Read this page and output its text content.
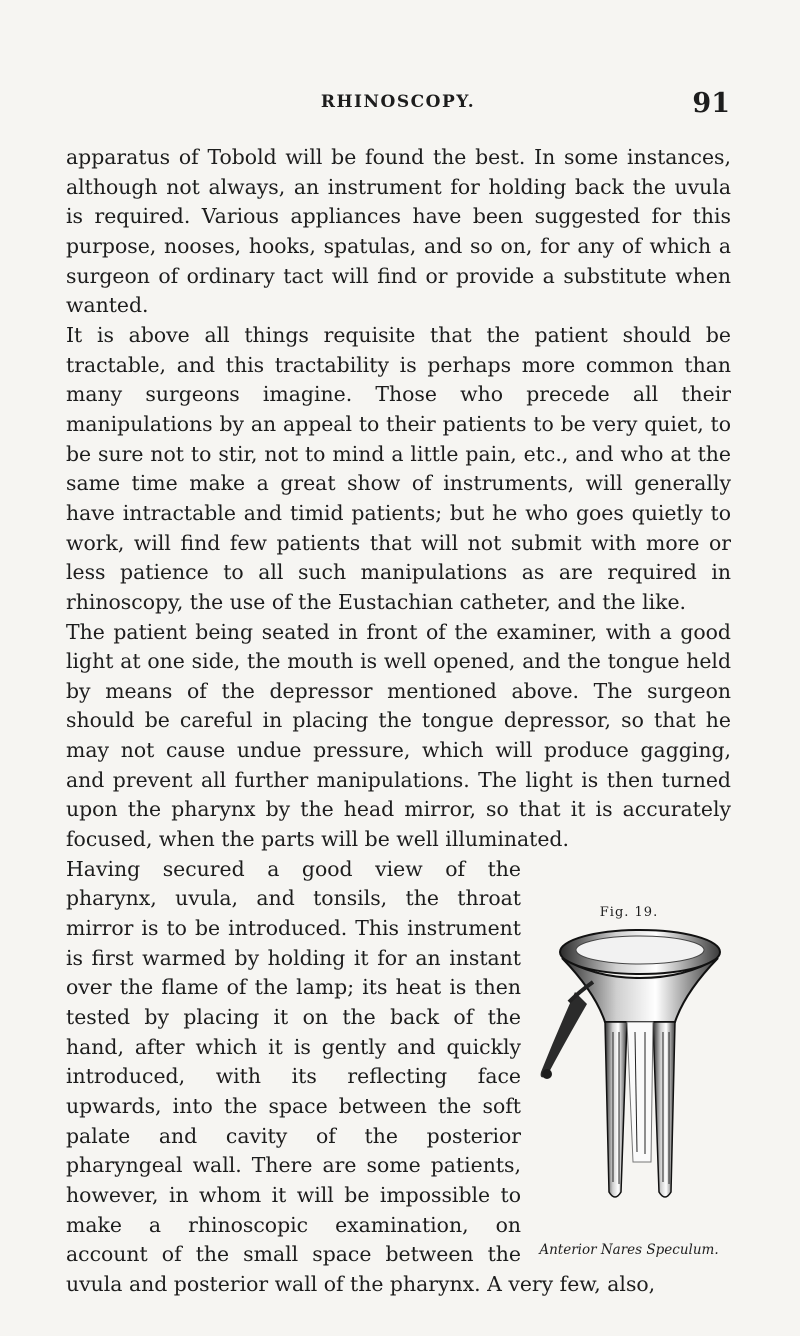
RHINOSCOPY.	91

apparatus of Tobold will be found the best. In some instances, although not always, an instrument for holding back the uvula is required. Various appliances have been suggested for this purpose, nooses, hooks, spatulas, and so on, for any of which a surgeon of ordinary tact will find or provide a substitute when wanted.

It is above all things requisite that the patient should be tractable, and this tractability is perhaps more common than many surgeons imagine. Those who precede all their manipulations by an appeal to their patients to be very quiet, to be sure not to stir, not to mind a little pain, etc., and who at the same time make a great show of instruments, will generally have intractable and timid patients; but he who goes quietly to work, will find few patients that will not submit with more or less patience to all such manipulations as are required in rhinoscopy, the use of the Eustachian catheter, and the like.

The patient being seated in front of the examiner, with a good light at one side, the mouth is well opened, and the tongue held by means of the depressor mentioned above. The surgeon should be careful in placing the tongue depressor, so that he may not cause undue pressure, which will produce gagging, and prevent all further manipulations. The light is then turned upon the pharynx by the head mirror, so that it is accurately focused, when the parts will be well illuminated.

Fig. 19.
Anterior Nares Speculum.
Having secured a good view of the pharynx, uvula, and tonsils, the throat mirror is to be introduced. This instrument is first warmed by holding it for an instant over the flame of the lamp; its heat is then tested by placing it on the back of the hand, after which it is gently and quickly introduced, with its reflecting face upwards, into the space between the soft palate and cavity of the posterior pharyngeal wall. There are some patients, however, in whom it will be impossible to make a rhinoscopic examination, on account of the small space between the uvula and posterior wall of the pharynx. A very few, also,
